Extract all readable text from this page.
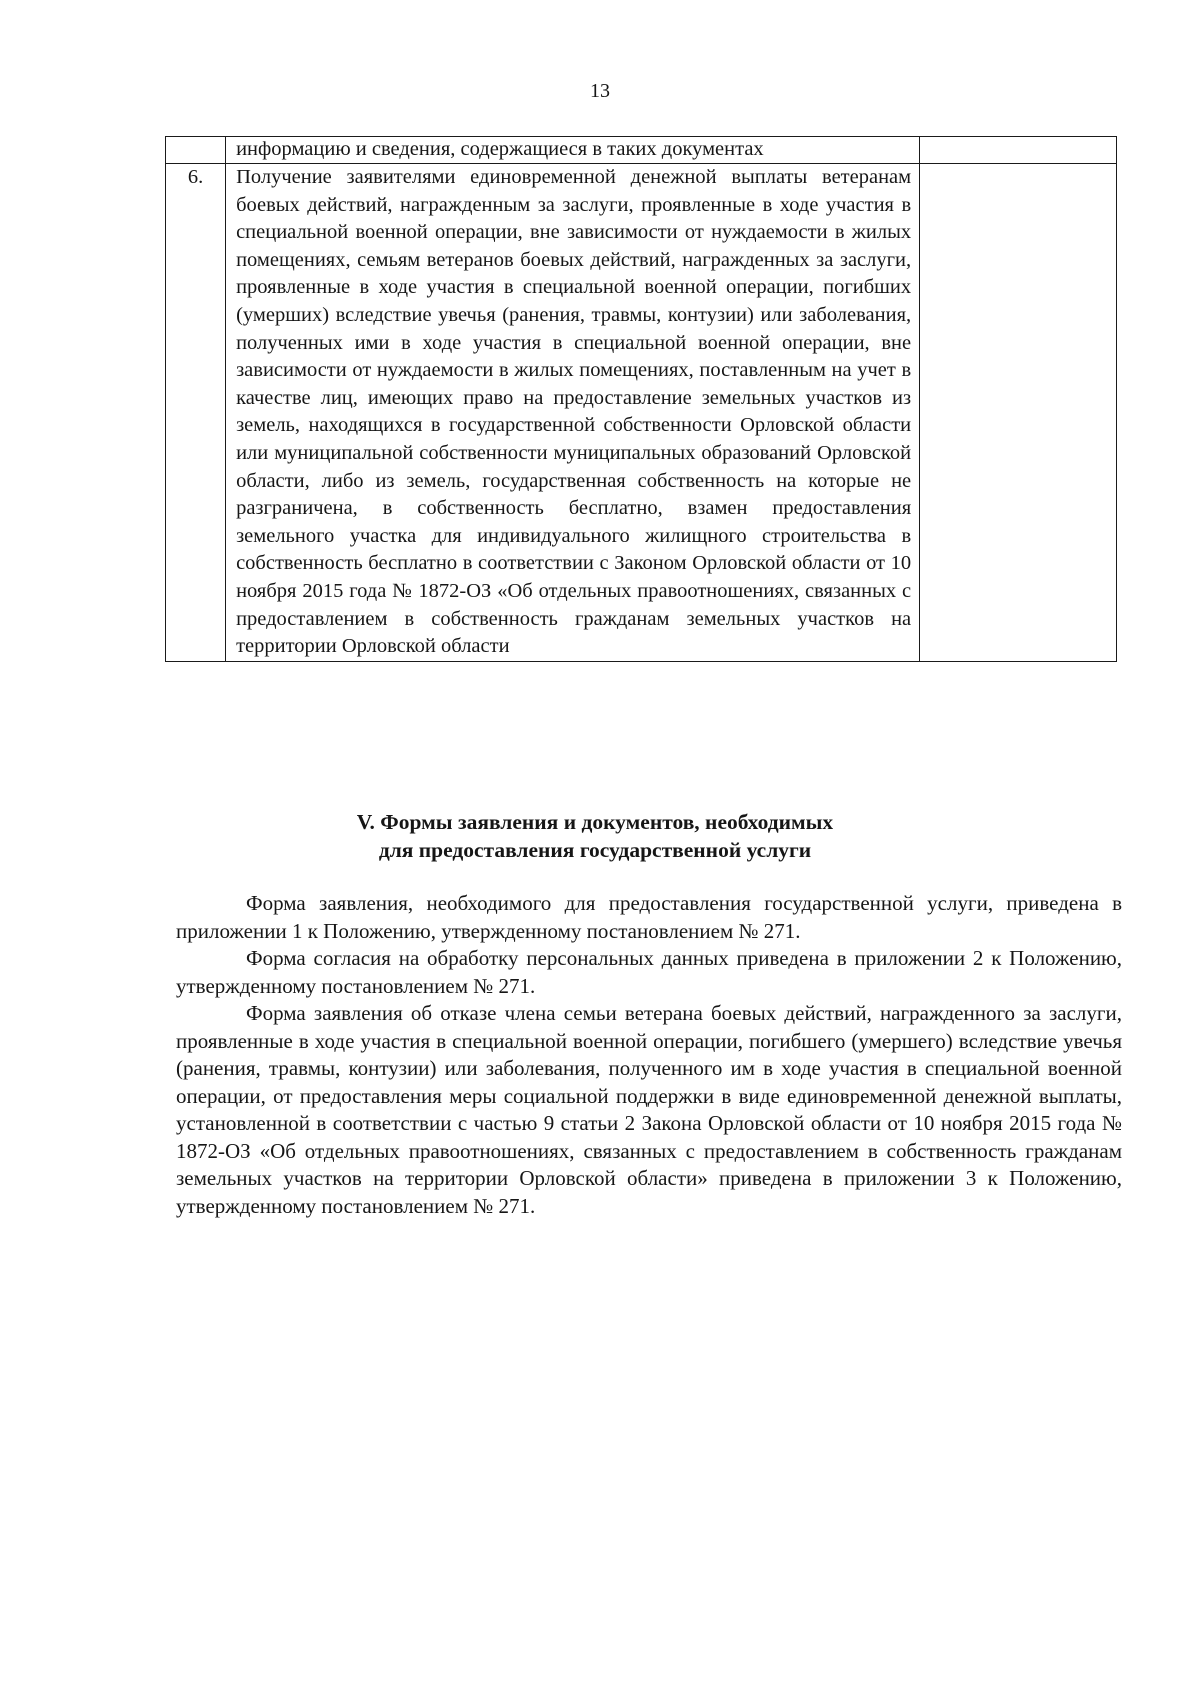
13
	информацию и сведения, содержащиеся в таких документах	
6.	Получение заявителями единовременной денежной выплаты ветеранам боевых действий, награжденным за заслуги, проявленные в ходе участия в специальной военной операции, вне зависимости от нуждаемости в жилых помещениях, семьям ветеранов боевых действий, награжденных за заслуги, проявленные в ходе участия в специальной военной операции, погибших (умерших) вследствие увечья (ранения, травмы, контузии) или заболевания, полученных ими в ходе участия в специальной военной операции, вне зависимости от нуждаемости в жилых помещениях, поставленным на учет в качестве лиц, имеющих право на предоставление земельных участков из земель, находящихся в государственной собственности Орловской области или муниципальной собственности муниципальных образований Орловской области, либо из земель, государственная собственность на которые не разграничена, в собственность бесплатно, взамен предоставления земельного участка для индивидуального жилищного строительства в собственность бесплатно в соответствии с Законом Орловской области от 10 ноября 2015 года № 1872-ОЗ «Об отдельных правоотношениях, связанных с предоставлением в собственность гражданам земельных участков на территории Орловской области	
V. Формы заявления и документов, необходимых
для предоставления государственной услуги

Форма заявления, необходимого для предоставления государственной услуги, приведена в приложении 1 к Положению, утвержденному постановлением № 271.

Форма согласия на обработку персональных данных приведена в приложении 2 к Положению, утвержденному постановлением № 271.

Форма заявления об отказе члена семьи ветерана боевых действий, награжденного за заслуги, проявленные в ходе участия в специальной военной операции, погибшего (умершего) вследствие увечья (ранения, травмы, контузии) или заболевания, полученного им в ходе участия в специальной военной операции, от предоставления меры социальной поддержки в виде единовременной денежной выплаты, установленной в соответствии с частью 9 статьи 2 Закона Орловской области от 10 ноября 2015 года № 1872-ОЗ «Об отдельных правоотношениях, связанных с предоставлением в собственность гражданам земельных участков на территории Орловской области» приведена в приложении 3 к Положению, утвержденному постановлением № 271.
